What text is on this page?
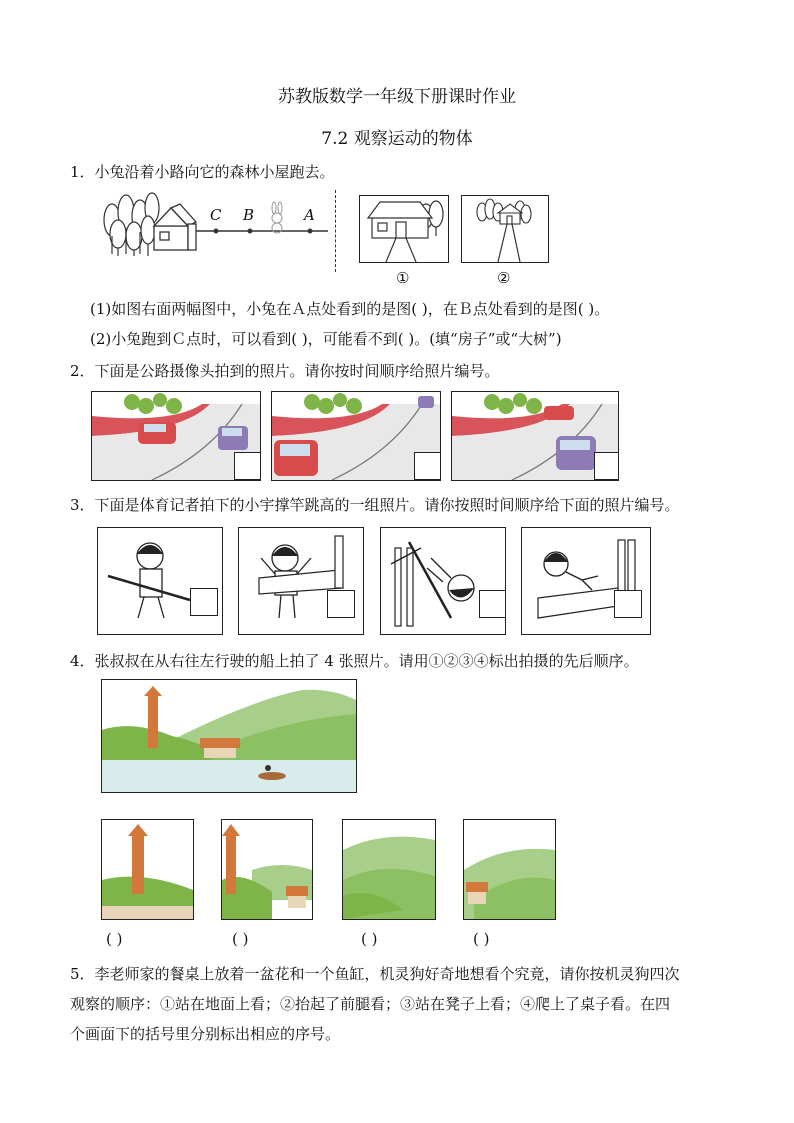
苏教版数学一年级下册课时作业
7.2 观察运动的物体
1．小兔沿着小路向它的森林小屋跑去。
C B	A
①	②
(1)如图右面两幅图中，小兔在Ａ点处看到的是图( )，在Ｂ点处看到的是图( )。
(2)小兔跑到Ｃ点时，可以看到( )，可能看不到( )。(填“房子”或“大树”)
2．下面是公路摄像头拍到的照片。请你按时间顺序给照片编号。
3．下面是体育记者拍下的小宇撑竿跳高的一组照片。请你按照时间顺序给下面的照片编号。
4．张叔叔在从右往左行驶的船上拍了 4 张照片。请用①②③④标出拍摄的先后顺序。
( )	( )	( )	( )
5．李老师家的餐桌上放着一盆花和一个鱼缸，机灵狗好奇地想看个究竟，请你按机灵狗四次
观察的顺序：①站在地面上看；②抬起了前腿看；③站在凳子上看；④爬上了桌子看。在四
个画面下的括号里分别标出相应的序号。
